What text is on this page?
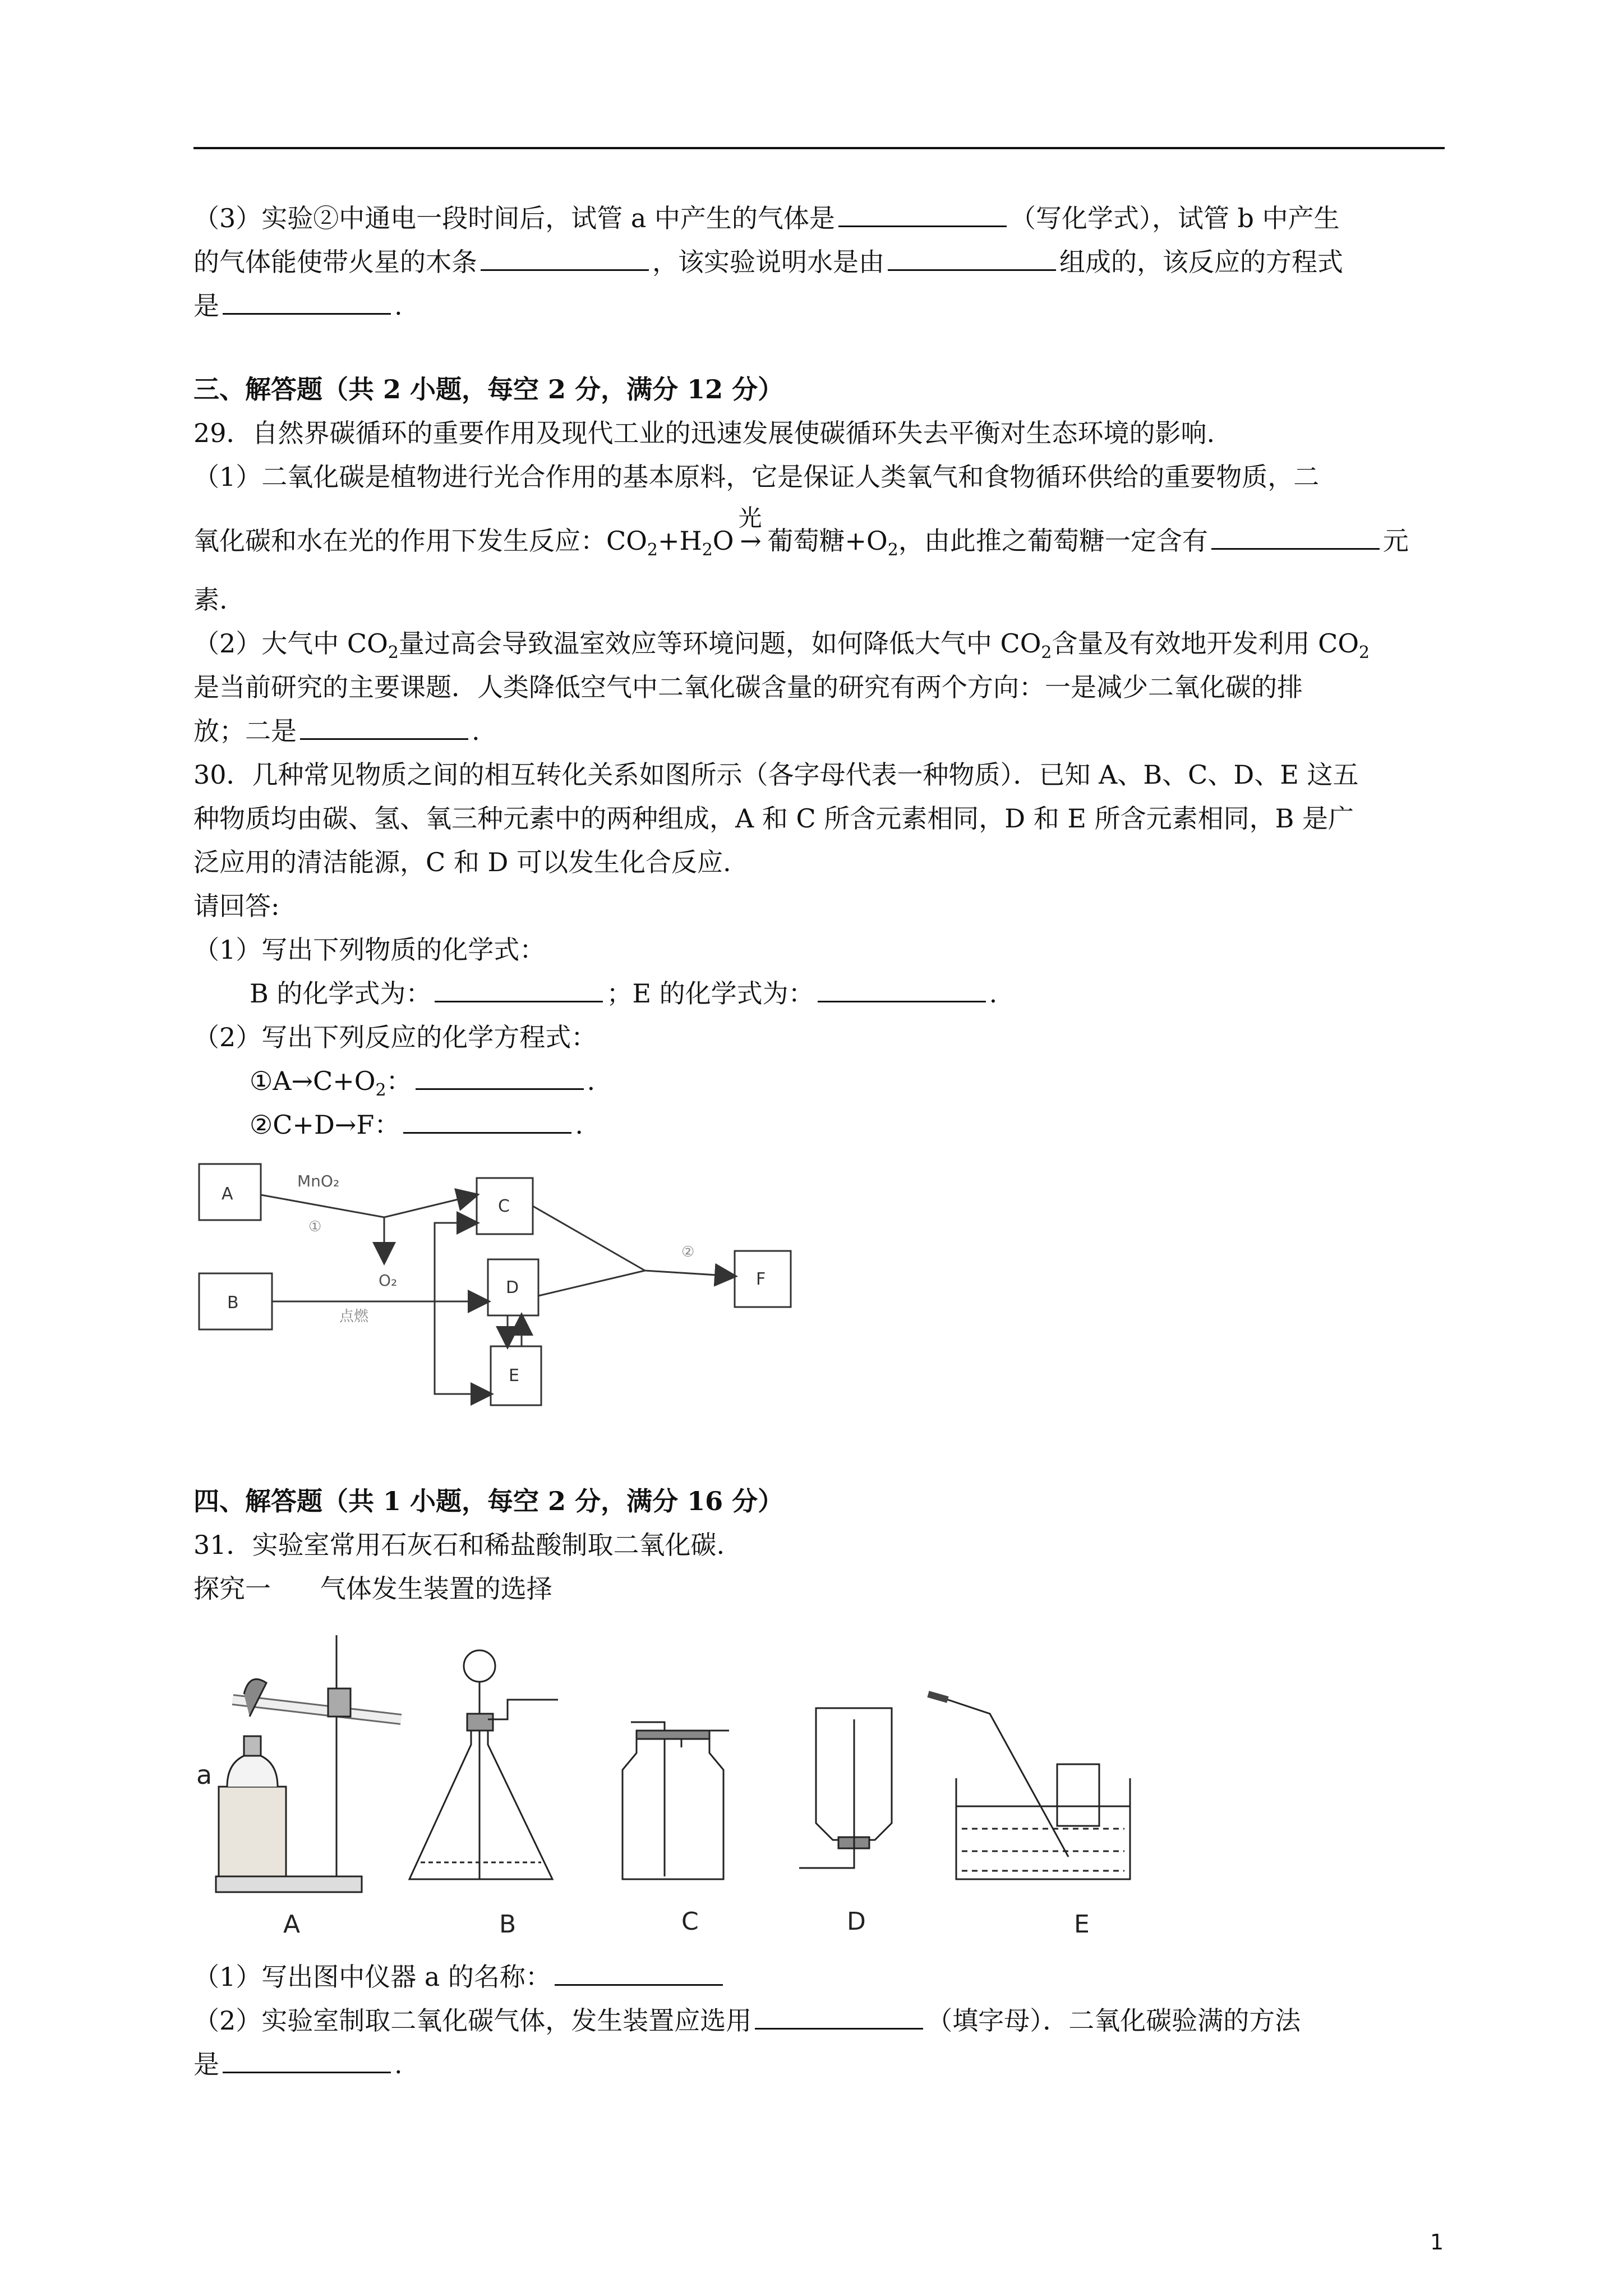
（3）实验②中通电一段时间后，试管 a 中产生的气体是	（写化学式），试管 b 中产生
的气体能使带火星的木条	，该实验说明水是由	组成的，该反应的方程式
是	.
三、解答题（共 2 小题，每空 2 分，满分 12 分）
29．自然界碳循环的重要作用及现代工业的迅速发展使碳循环失去平衡对生态环境的影响.
（1）二氧化碳是植物进行光合作用的基本原料，它是保证人类氧气和食物循环供给的重要物质，二
氧化碳和水在光的作用下发生反应：$CO_2+H_2O$
光
→ 葡萄糖$+O_2$，由此推之葡萄糖一定含有	元
素.
（2）大气中 $CO_2$量过高会导致温室效应等环境问题，如何降低大气中 $CO_2$含量及有效地开发利用 $CO_2$
是当前研究的主要课题．人类降低空气中二氧化碳含量的研究有两个方向：一是减少二氧化碳的排
放；二是	.
30．几种常见物质之间的相互转化关系如图所示（各字母代表一种物质）．已知 A、B、C、D、E 这五
种物质均由碳、氢、氧三种元素中的两种组成，A 和 C 所含元素相同，D 和 E 所含元素相同，B 是广
泛应用的清洁能源，C 和 D 可以发生化合反应.
请回答:
（1）写出下列物质的化学式：
B 的化学式为：	；E 的化学式为：	.
（2）写出下列反应的化学方程式：
$①A\to C+O_2$：	.
②C+D→F：	.
A
B
C
D
E
F
MnO₂
①
O₂
点燃
②
四、解答题（共 1 小题，每空 2 分，满分 16 分）
31．实验室常用石灰石和稀盐酸制取二氧化碳.
探究一      气体发生装置的选择
a
A	B	C	D	E
（1）写出图中仪器 a 的名称：
（2）实验室制取二氧化碳气体，发生装置应选用	（填字母）．二氧化碳验满的方法
是	.
1
